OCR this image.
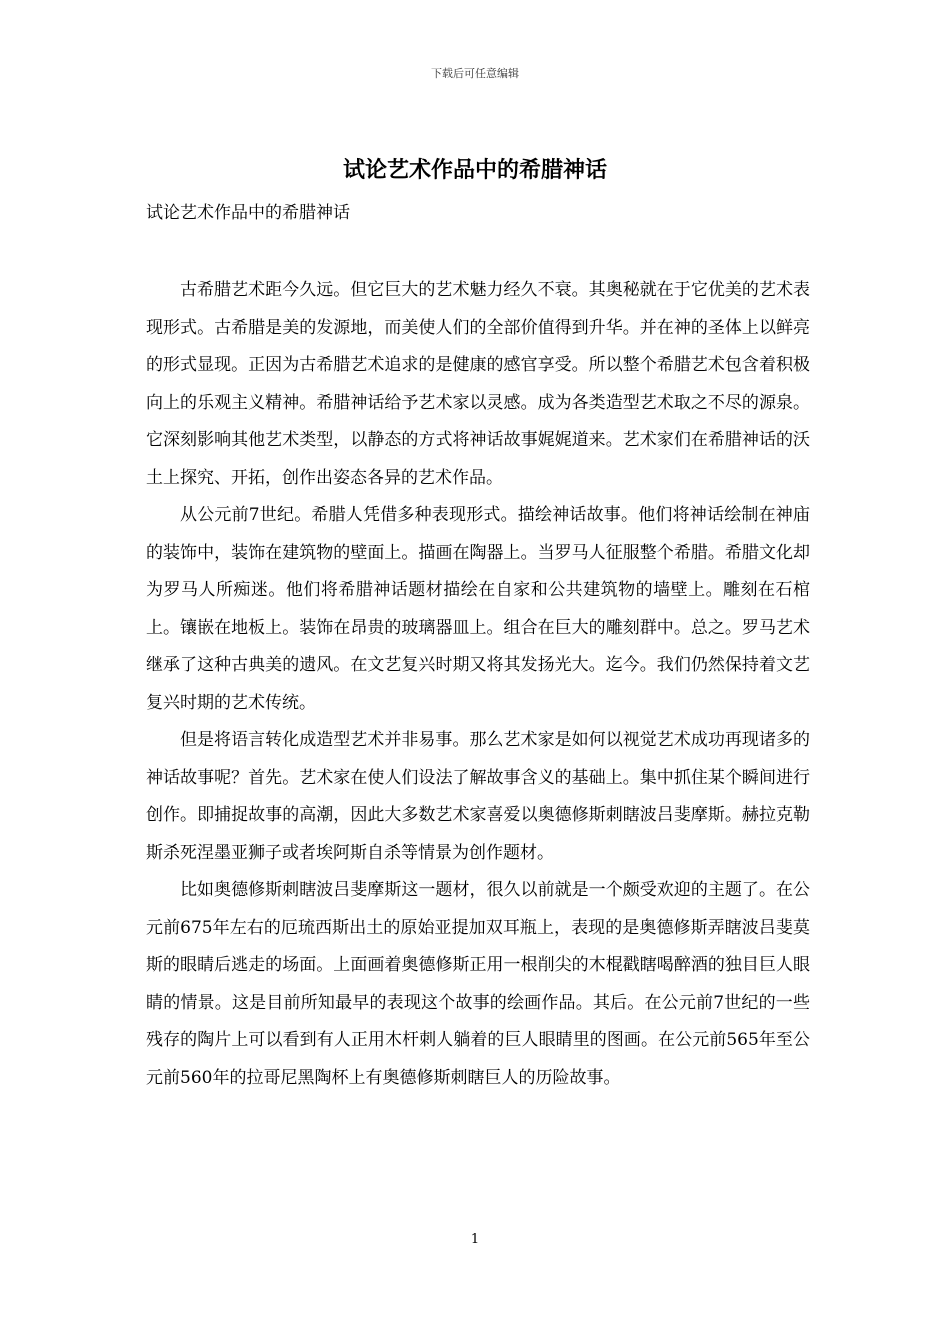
下载后可任意编辑
试论艺术作品中的希腊神话
试论艺术作品中的希腊神话

古希腊艺术距今久远。但它巨大的艺术魅力经久不衰。其奥秘就在于它优美的艺术表现形式。古希腊是美的发源地，而美使人们的全部价值得到升华。并在神的圣体上以鲜亮的形式显现。正因为古希腊艺术追求的是健康的感官享受。所以整个希腊艺术包含着积极向上的乐观主义精神。希腊神话给予艺术家以灵感。成为各类造型艺术取之不尽的源泉。它深刻影响其他艺术类型，以静态的方式将神话故事娓娓道来。艺术家们在希腊神话的沃土上探究、开拓，创作出姿态各异的艺术作品。

从公元前7世纪。希腊人凭借多种表现形式。描绘神话故事。他们将神话绘制在神庙的装饰中，装饰在建筑物的壁面上。描画在陶器上。当罗马人征服整个希腊。希腊文化却为罗马人所痴迷。他们将希腊神话题材描绘在自家和公共建筑物的墙壁上。雕刻在石棺上。镶嵌在地板上。装饰在昂贵的玻璃器皿上。组合在巨大的雕刻群中。总之。罗马艺术继承了这种古典美的遗风。在文艺复兴时期又将其发扬光大。迄今。我们仍然保持着文艺复兴时期的艺术传统。

但是将语言转化成造型艺术并非易事。那么艺术家是如何以视觉艺术成功再现诸多的神话故事呢？首先。艺术家在使人们设法了解故事含义的基础上。集中抓住某个瞬间进行创作。即捕捉故事的高潮，因此大多数艺术家喜爱以奥德修斯刺瞎波吕斐摩斯。赫拉克勒斯杀死涅墨亚狮子或者埃阿斯自杀等情景为创作题材。

比如奥德修斯刺瞎波吕斐摩斯这一题材，很久以前就是一个颇受欢迎的主题了。在公元前675年左右的厄琉西斯出土的原始亚提加双耳瓶上，表现的是奥德修斯弄瞎波吕斐莫斯的眼睛后逃走的场面。上面画着奥德修斯正用一根削尖的木棍戳瞎喝醉酒的独目巨人眼睛的情景。这是目前所知最早的表现这个故事的绘画作品。其后。在公元前7世纪的一些残存的陶片上可以看到有人正用木杆刺人躺着的巨人眼睛里的图画。在公元前565年至公元前560年的拉哥尼黑陶杯上有奥德修斯刺瞎巨人的历险故事。

1
